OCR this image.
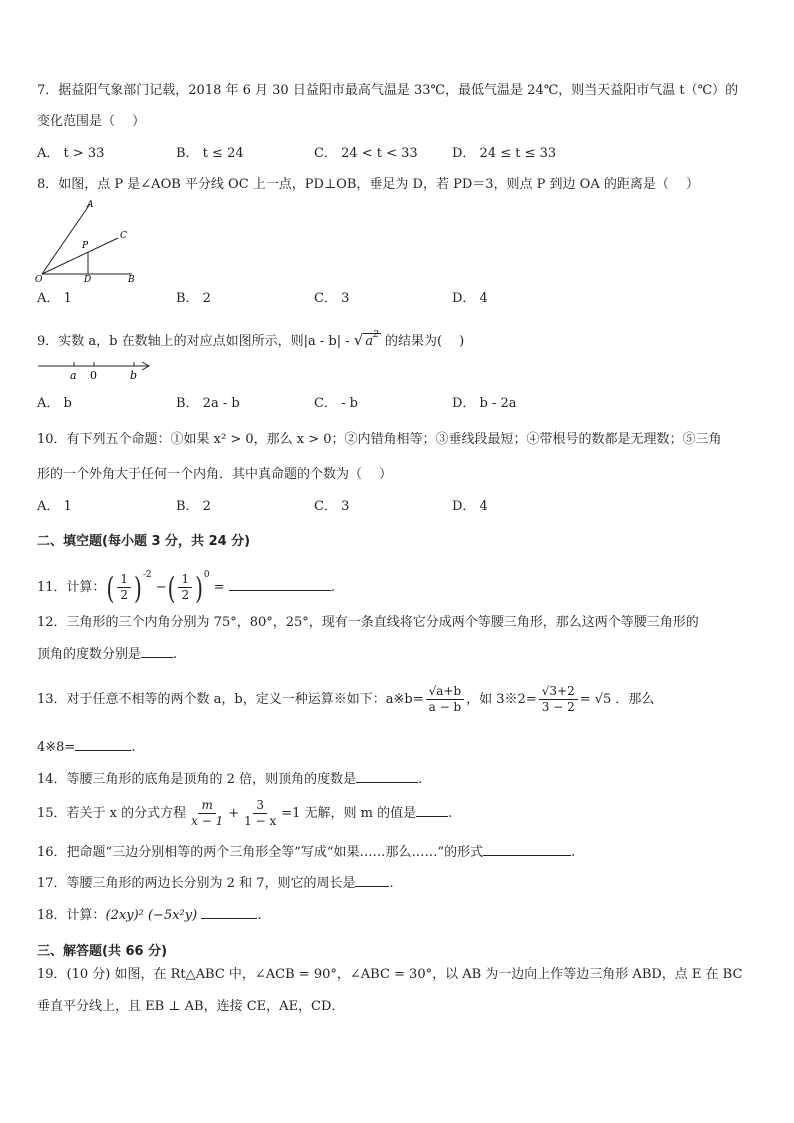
7．据益阳气象部门记载，2018 年 6 月 30 日益阳市最高气温是 33℃，最低气温是 24℃，则当天益阳市气温 t（℃）的
变化范围是（　 ）
A． t > 33	B． t ≤ 24	C． 24 < t < 33	D． 24 ≤ t ≤ 33
8．如图，点 P 是∠AOB 平分线 OC 上一点，PD⊥OB，垂足为 D，若 PD＝3，则点 P 到边 OA 的距离是（　 ）
A
C
P
O	D	B
A． 1	B． 2	C． 3	D． 4
9．实数 a，b 在数轴上的对应点如图所示，则|a - b| - √ $a^2$ 的结果为(　 )
a 0	b
A． b	B． 2a - b	C． - b	D． b - 2a
10．有下列五个命题：①如果 x² > 0，那么 x > 0；②内错角相等；③垂线段最短；④带根号的数都是无理数；⑤三角
形的一个外角大于任何一个内角．其中真命题的个数为（　 ）
A． 1	B． 2	C． 3	D． 4
二、填空题(每小题 3 分，共 24 分)
11．计算：( $\frac{1}{2} )^{-2}$ −( $\frac{1}{2} )^0$ =	.
12．三角形的三个内角分别为 75°，80°，25°，现有一条直线将它分成两个等腰三角形，那么这两个等腰三角形的
顶角的度数分别是 .
13．对于任意不相等的两个数 a，b，定义一种运算※如下：a※b= $\frac{√a+b}{a - b}$ ，如 3※2= $\frac{√3+2}{3 - 2} = √5$ ．那么
4※8=	.
14．等腰三角形的底角是顶角的 2 倍，则顶角的度数是	.
15．若关于 x 的分式方程 $\frac{m}{x - 1} + \frac{3}{1 - x} =1$ 无解，则 m 的值是 .
16．把命题“三边分别相等的两个三角形全等”写成“如果……那么……”的形式	.
17．等腰三角形的两边长分别为 2 和 7，则它的周长是	.
18．计算：(2xy)² (−5x²y)	.
三、解答题(共 66 分)
19．(10 分) 如图，在 Rt△ABC 中，∠ACB = 90°，∠ABC = 30°，以 AB 为一边向上作等边三角形 ABD，点 E 在 BC
垂直平分线上，且 EB ⊥ AB，连接 CE，AE，CD．
